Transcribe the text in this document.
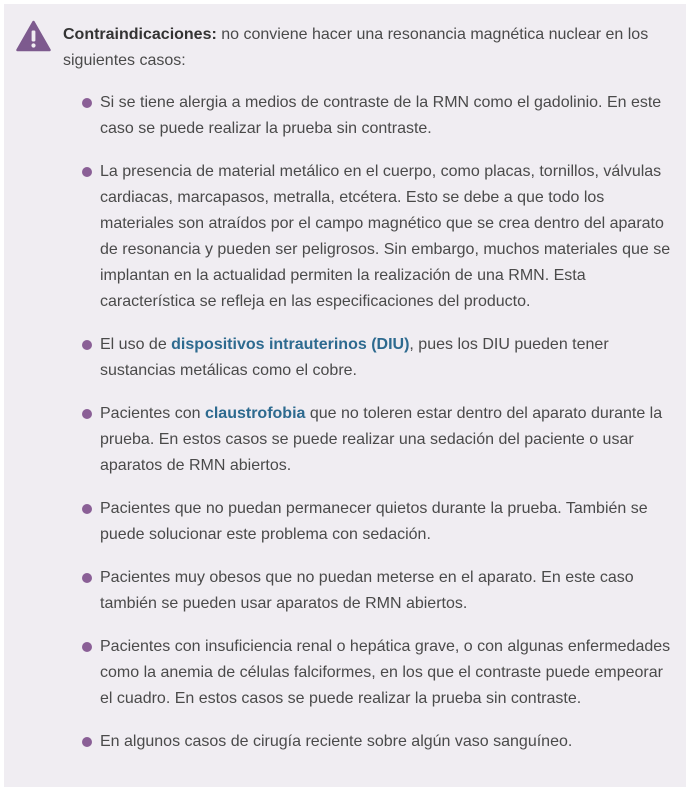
Contraindicaciones: no conviene hacer una resonancia magnética nuclear en los siguientes casos:

Si se tiene alergia a medios de contraste de la RMN como el gadolinio. En este caso se puede realizar la prueba sin contraste.
La presencia de material metálico en el cuerpo, como placas, tornillos, válvulas cardiacas, marcapasos, metralla, etcétera. Esto se debe a que todo los materiales son atraídos por el campo magnético que se crea dentro del aparato de resonancia y pueden ser peligrosos. Sin embargo, muchos materiales que se implantan en la actualidad permiten la realización de una RMN. Esta característica se refleja en las especificaciones del producto.
El uso de dispositivos intrauterinos (DIU), pues los DIU pueden tener sustancias metálicas como el cobre.
Pacientes con claustrofobia que no toleren estar dentro del aparato durante la prueba. En estos casos se puede realizar una sedación del paciente o usar aparatos de RMN abiertos.
Pacientes que no puedan permanecer quietos durante la prueba. También se puede solucionar este problema con sedación.
Pacientes muy obesos que no puedan meterse en el aparato. En este caso también se pueden usar aparatos de RMN abiertos.
Pacientes con insuficiencia renal o hepática grave, o con algunas enfermedades como la anemia de células falciformes, en los que el contraste puede empeorar el cuadro. En estos casos se puede realizar la prueba sin contraste.
En algunos casos de cirugía reciente sobre algún vaso sanguíneo.
